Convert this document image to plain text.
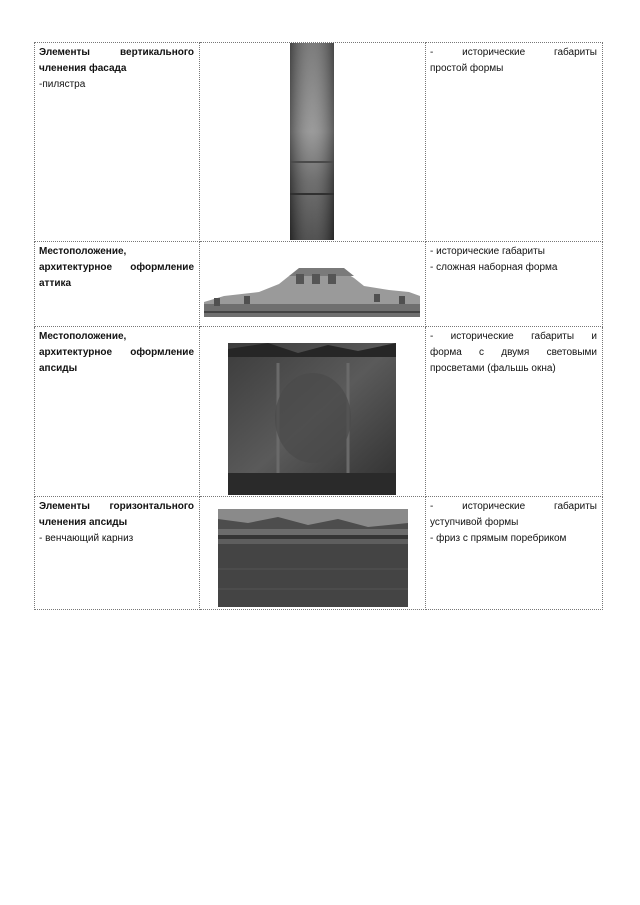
Элементы вертикального
членения фасада
-пилястра		- исторические габариты
простой формы

Местоположение,
архитектурное оформление
аттика		- исторические габариты
- сложная наборная форма

Местоположение,
архитектурное оформление
апсиды		- исторические габариты и
форма с двумя световыми
просветами (фальшь окна)

Элементы горизонтального
членения апсиды
- венчающий карниз		- исторические габариты
уступчивой формы
- фриз с прямым поребриком
